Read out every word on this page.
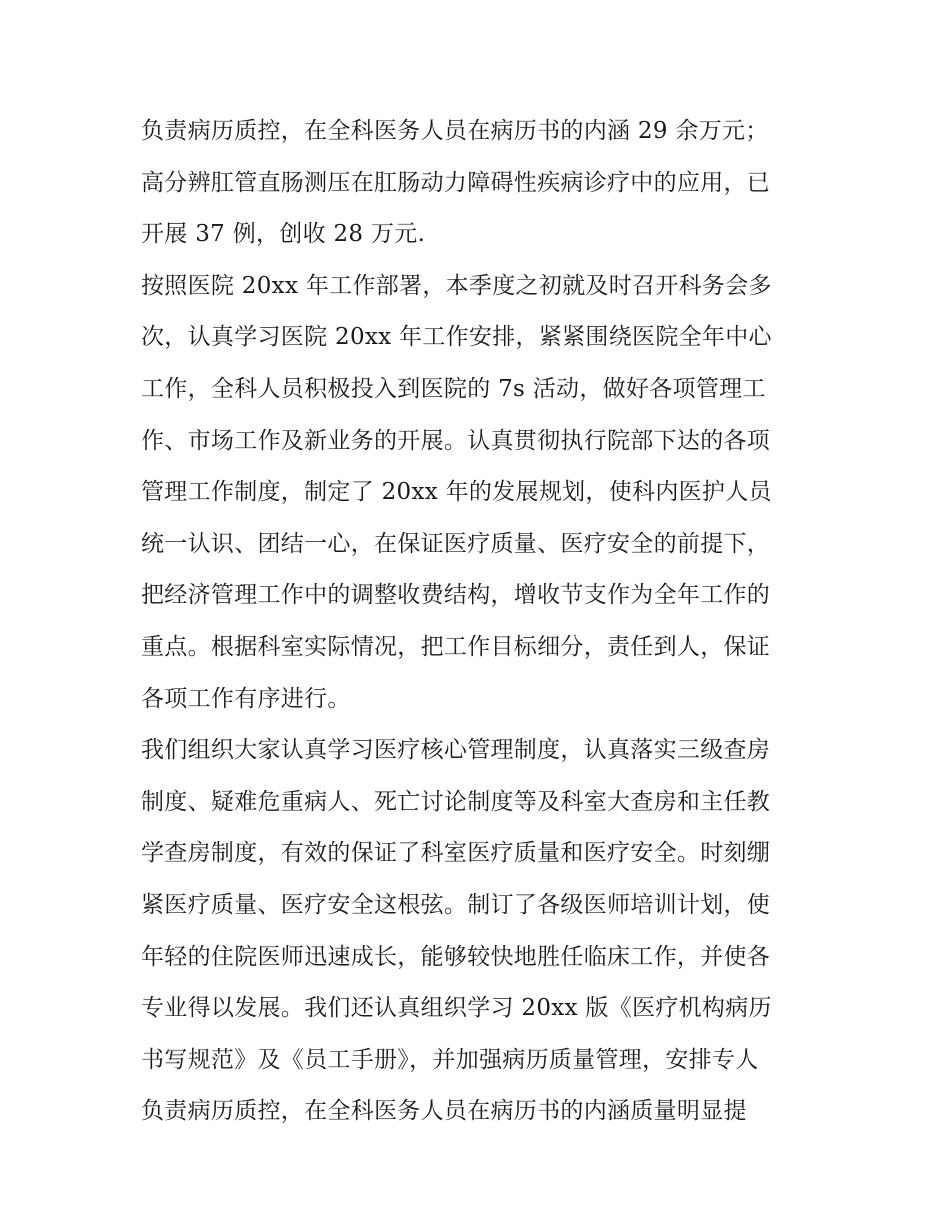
负责病历质控，在全科医务人员在病历书的内涵 29 余万元；
高分辨肛管直肠测压在肛肠动力障碍性疾病诊疗中的应用，已
开展 37 例，创收 28 万元.
按照医院 20xx 年工作部署，本季度之初就及时召开科务会多
次，认真学习医院 20xx 年工作安排，紧紧围绕医院全年中心
工作，全科人员积极投入到医院的 7s 活动，做好各项管理工
作、市场工作及新业务的开展。认真贯彻执行院部下达的各项
管理工作制度，制定了 20xx 年的发展规划，使科内医护人员
统一认识、团结一心，在保证医疗质量、医疗安全的前提下，
把经济管理工作中的调整收费结构，增收节支作为全年工作的
重点。根据科室实际情况，把工作目标细分，责任到人，保证
各项工作有序进行。
我们组织大家认真学习医疗核心管理制度，认真落实三级查房
制度、疑难危重病人、死亡讨论制度等及科室大查房和主任教
学查房制度，有效的保证了科室医疗质量和医疗安全。时刻绷
紧医疗质量、医疗安全这根弦。制订了各级医师培训计划，使
年轻的住院医师迅速成长，能够较快地胜任临床工作，并使各
专业得以发展。我们还认真组织学习 20xx 版《医疗机构病历
书写规范》及《员工手册》，并加强病历质量管理，安排专人
负责病历质控，在全科医务人员在病历书的内涵质量明显提
